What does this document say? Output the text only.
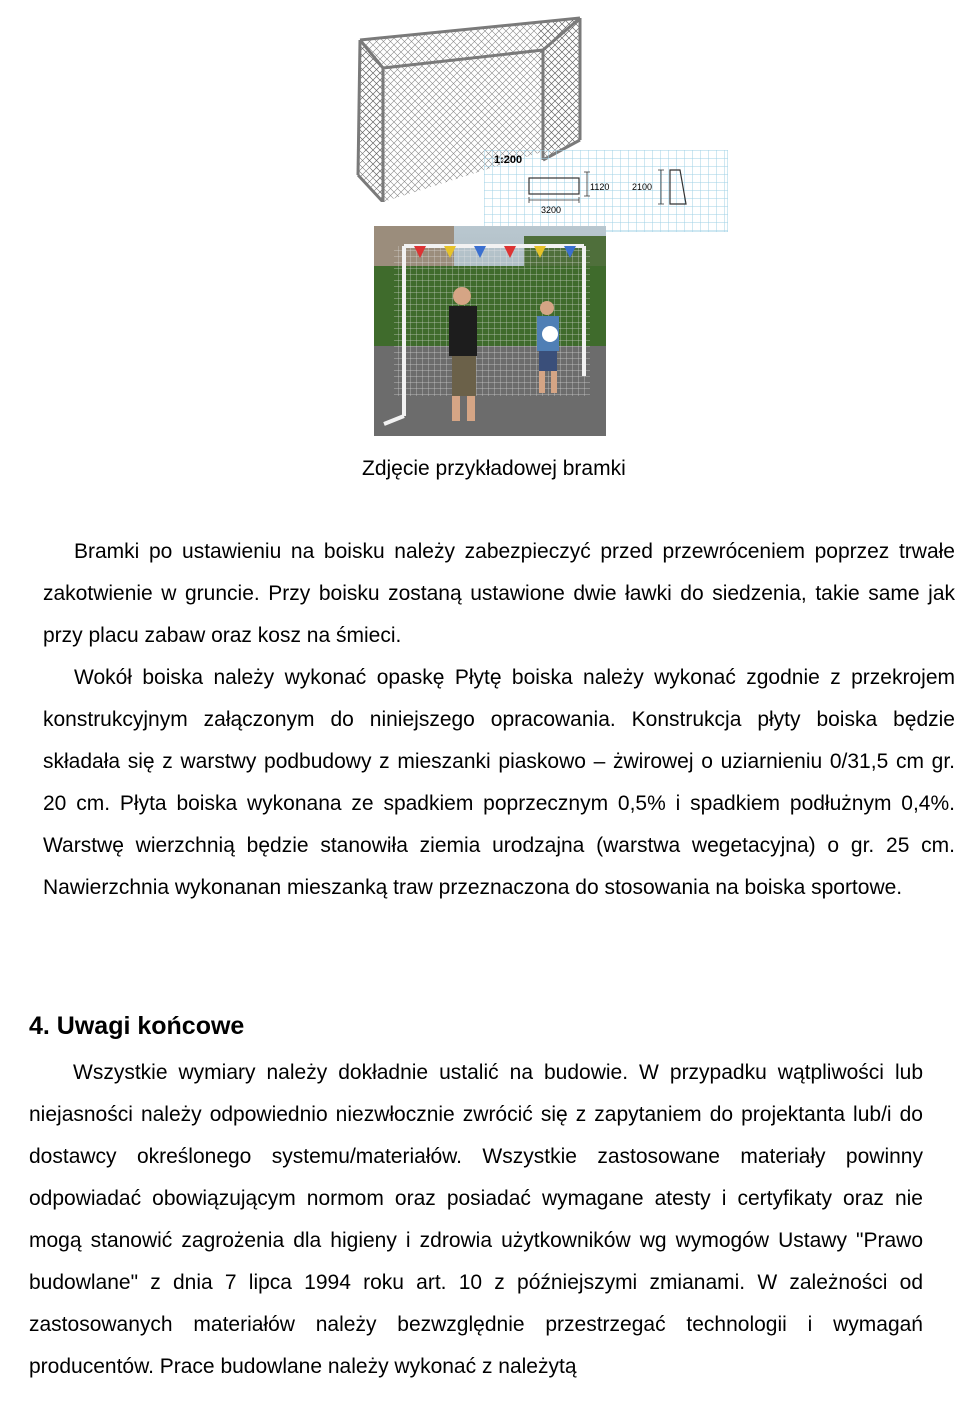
1:200
3200
1120	2100
Zdjęcie przykładowej bramki

Bramki po ustawieniu na boisku należy zabezpieczyć przed przewróceniem poprzez trwałe zakotwienie w gruncie. Przy boisku zostaną ustawione dwie ławki do siedzenia, takie same jak przy placu zabaw oraz kosz na śmieci.

Wokół boiska należy wykonać opaskę Płytę boiska należy wykonać zgodnie z przekrojem konstrukcyjnym załączonym do niniejszego opracowania. Konstrukcja płyty boiska będzie składała się z warstwy podbudowy z mieszanki piaskowo – żwirowej o uziarnieniu 0/31,5 cm gr. 20 cm. Płyta boiska wykonana ze spadkiem poprzecznym 0,5% i spadkiem podłużnym 0,4%. Warstwę wierzchnią będzie stanowiła ziemia urodzajna (warstwa wegetacyjna) o gr. 25 cm. Nawierzchnia wykonanan mieszanką traw przeznaczona do stosowania na boiska sportowe.

4. Uwagi końcowe

Wszystkie wymiary należy dokładnie ustalić na budowie. W przypadku wątpliwości lub niejasności należy odpowiednio niezwłocznie zwrócić się z zapytaniem do projektanta lub/i do dostawcy określonego systemu/materiałów. Wszystkie zastosowane materiały powinny odpowiadać obowiązującym normom oraz posiadać wymagane atesty i certyfikaty oraz nie mogą stanowić zagrożenia dla higieny i zdrowia użytkowników wg wymogów Ustawy "Prawo budowlane" z dnia 7 lipca 1994 roku art. 10 z późniejszymi zmianami. W zależności od zastosowanych materiałów należy bezwzględnie przestrzegać technologii i wymagań producentów. Prace budowlane należy wykonać z należytą
